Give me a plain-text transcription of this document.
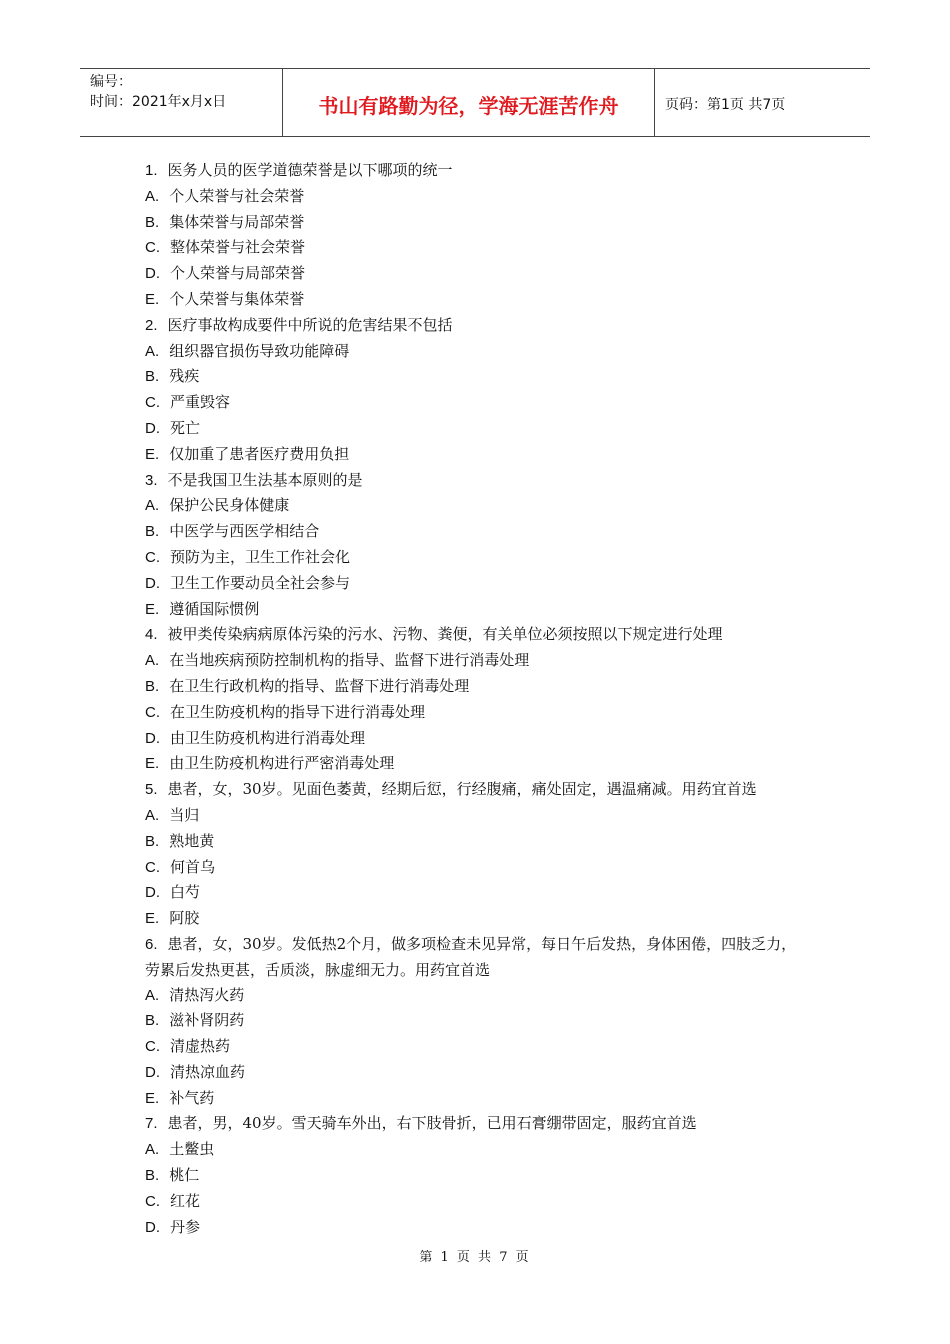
编号：
时间：2021年x月x日	书山有路勤为径，学海无涯苦作舟	页码：第1页 共7页
1. 医务人员的医学道德荣誉是以下哪项的统一
A. 个人荣誉与社会荣誉
B. 集体荣誉与局部荣誉
C. 整体荣誉与社会荣誉
D. 个人荣誉与局部荣誉
E. 个人荣誉与集体荣誉
2. 医疗事故构成要件中所说的危害结果不包括
A. 组织器官损伤导致功能障碍
B. 残疾
C. 严重毁容
D. 死亡
E. 仅加重了患者医疗费用负担
3. 不是我国卫生法基本原则的是
A. 保护公民身体健康
B. 中医学与西医学相结合
C. 预防为主，卫生工作社会化
D. 卫生工作要动员全社会参与
E. 遵循国际惯例
4. 被甲类传染病病原体污染的污水、污物、粪便，有关单位必须按照以下规定进行处理
A. 在当地疾病预防控制机构的指导、监督下进行消毒处理
B. 在卫生行政机构的指导、监督下进行消毒处理
C. 在卫生防疫机构的指导下进行消毒处理
D. 由卫生防疫机构进行消毒处理
E. 由卫生防疫机构进行严密消毒处理
5. 患者，女，30岁。见面色萎黄，经期后愆，行经腹痛，痛处固定，遇温痛减。用药宜首选
A. 当归
B. 熟地黄
C. 何首乌
D. 白芍
E. 阿胶
6. 患者，女，30岁。发低热2个月，做多项检查未见异常，每日午后发热，身体困倦，四肢乏力，劳累后发热更甚，舌质淡，脉虚细无力。用药宜首选
A. 清热泻火药
B. 滋补肾阴药
C. 清虚热药
D. 清热凉血药
E. 补气药
7. 患者，男，40岁。雪天骑车外出，右下肢骨折，已用石膏绷带固定，服药宜首选
A. 土鳖虫
B. 桃仁
C. 红花
D. 丹参
第 1 页 共 7 页
